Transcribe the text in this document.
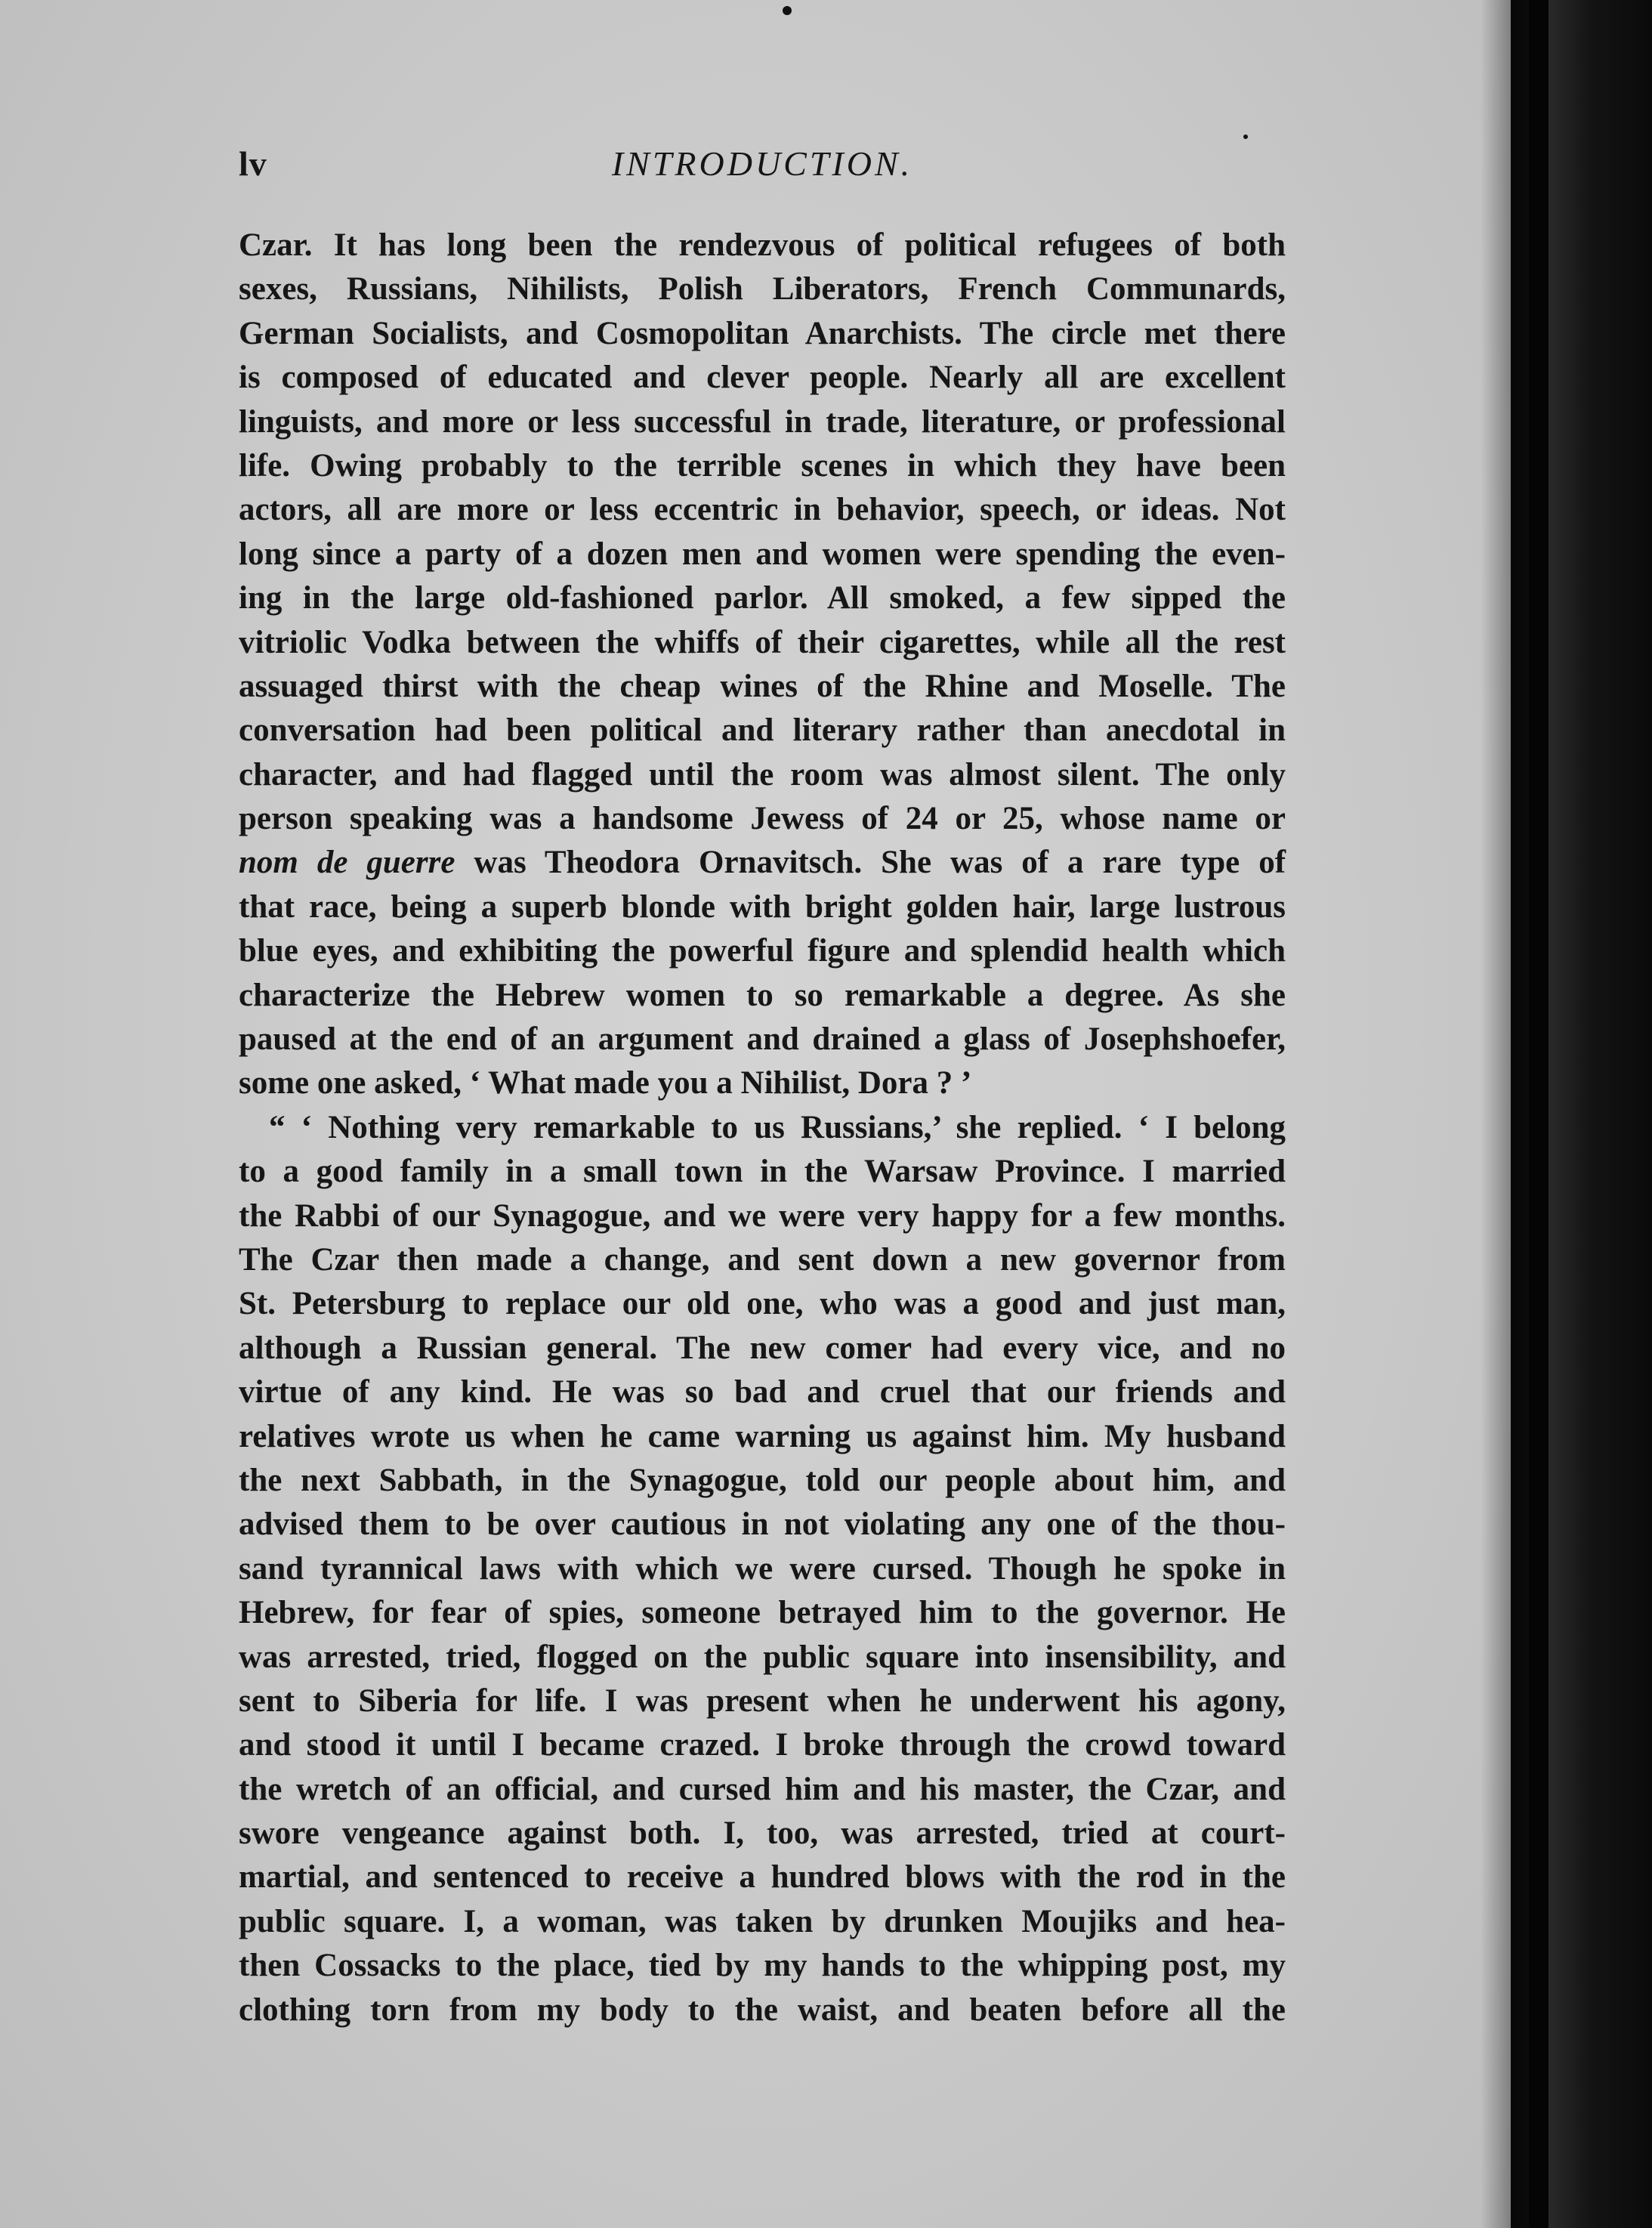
lv	INTRODUCTION.
Czar. It has long been the rendezvous of political refugees of both
sexes, Russians, Nihilists, Polish Liberators, French Communards,
German Socialists, and Cosmopolitan Anarchists. The circle met there
is composed of educated and clever people. Nearly all are excellent
linguists, and more or less successful in trade, literature, or professional
life. Owing probably to the terrible scenes in which they have been
actors, all are more or less eccentric in behavior, speech, or ideas. Not
long since a party of a dozen men and women were spending the even-
ing in the large old-fashioned parlor. All smoked, a few sipped the
vitriolic Vodka between the whiffs of their cigarettes, while all the rest
assuaged thirst with the cheap wines of the Rhine and Moselle. The
conversation had been political and literary rather than anecdotal in
character, and had flagged until the room was almost silent. The only
person speaking was a handsome Jewess of 24 or 25, whose name or
nom de guerre was Theodora Ornavitsch. She was of a rare type of
that race, being a superb blonde with bright golden hair, large lustrous
blue eyes, and exhibiting the powerful figure and splendid health which
characterize the Hebrew women to so remarkable a degree. As she
paused at the end of an argument and drained a glass of Josephshoefer,
some one asked, ‘ What made you a Nihilist, Dora ? ’
“ ‘ Nothing very remarkable to us Russians,’ she replied. ‘ I belong
to a good family in a small town in the Warsaw Province. I married
the Rabbi of our Synagogue, and we were very happy for a few months.
The Czar then made a change, and sent down a new governor from
St. Petersburg to replace our old one, who was a good and just man,
although a Russian general. The new comer had every vice, and no
virtue of any kind. He was so bad and cruel that our friends and
relatives wrote us when he came warning us against him. My husband
the next Sabbath, in the Synagogue, told our people about him, and
advised them to be over cautious in not violating any one of the thou-
sand tyrannical laws with which we were cursed. Though he spoke in
Hebrew, for fear of spies, someone betrayed him to the governor. He
was arrested, tried, flogged on the public square into insensibility, and
sent to Siberia for life. I was present when he underwent his agony,
and stood it until I became crazed. I broke through the crowd toward
the wretch of an official, and cursed him and his master, the Czar, and
swore vengeance against both. I, too, was arrested, tried at court-
martial, and sentenced to receive a hundred blows with the rod in the
public square. I, a woman, was taken by drunken Moujiks and hea-
then Cossacks to the place, tied by my hands to the whipping post, my
clothing torn from my body to the waist, and beaten before all the
